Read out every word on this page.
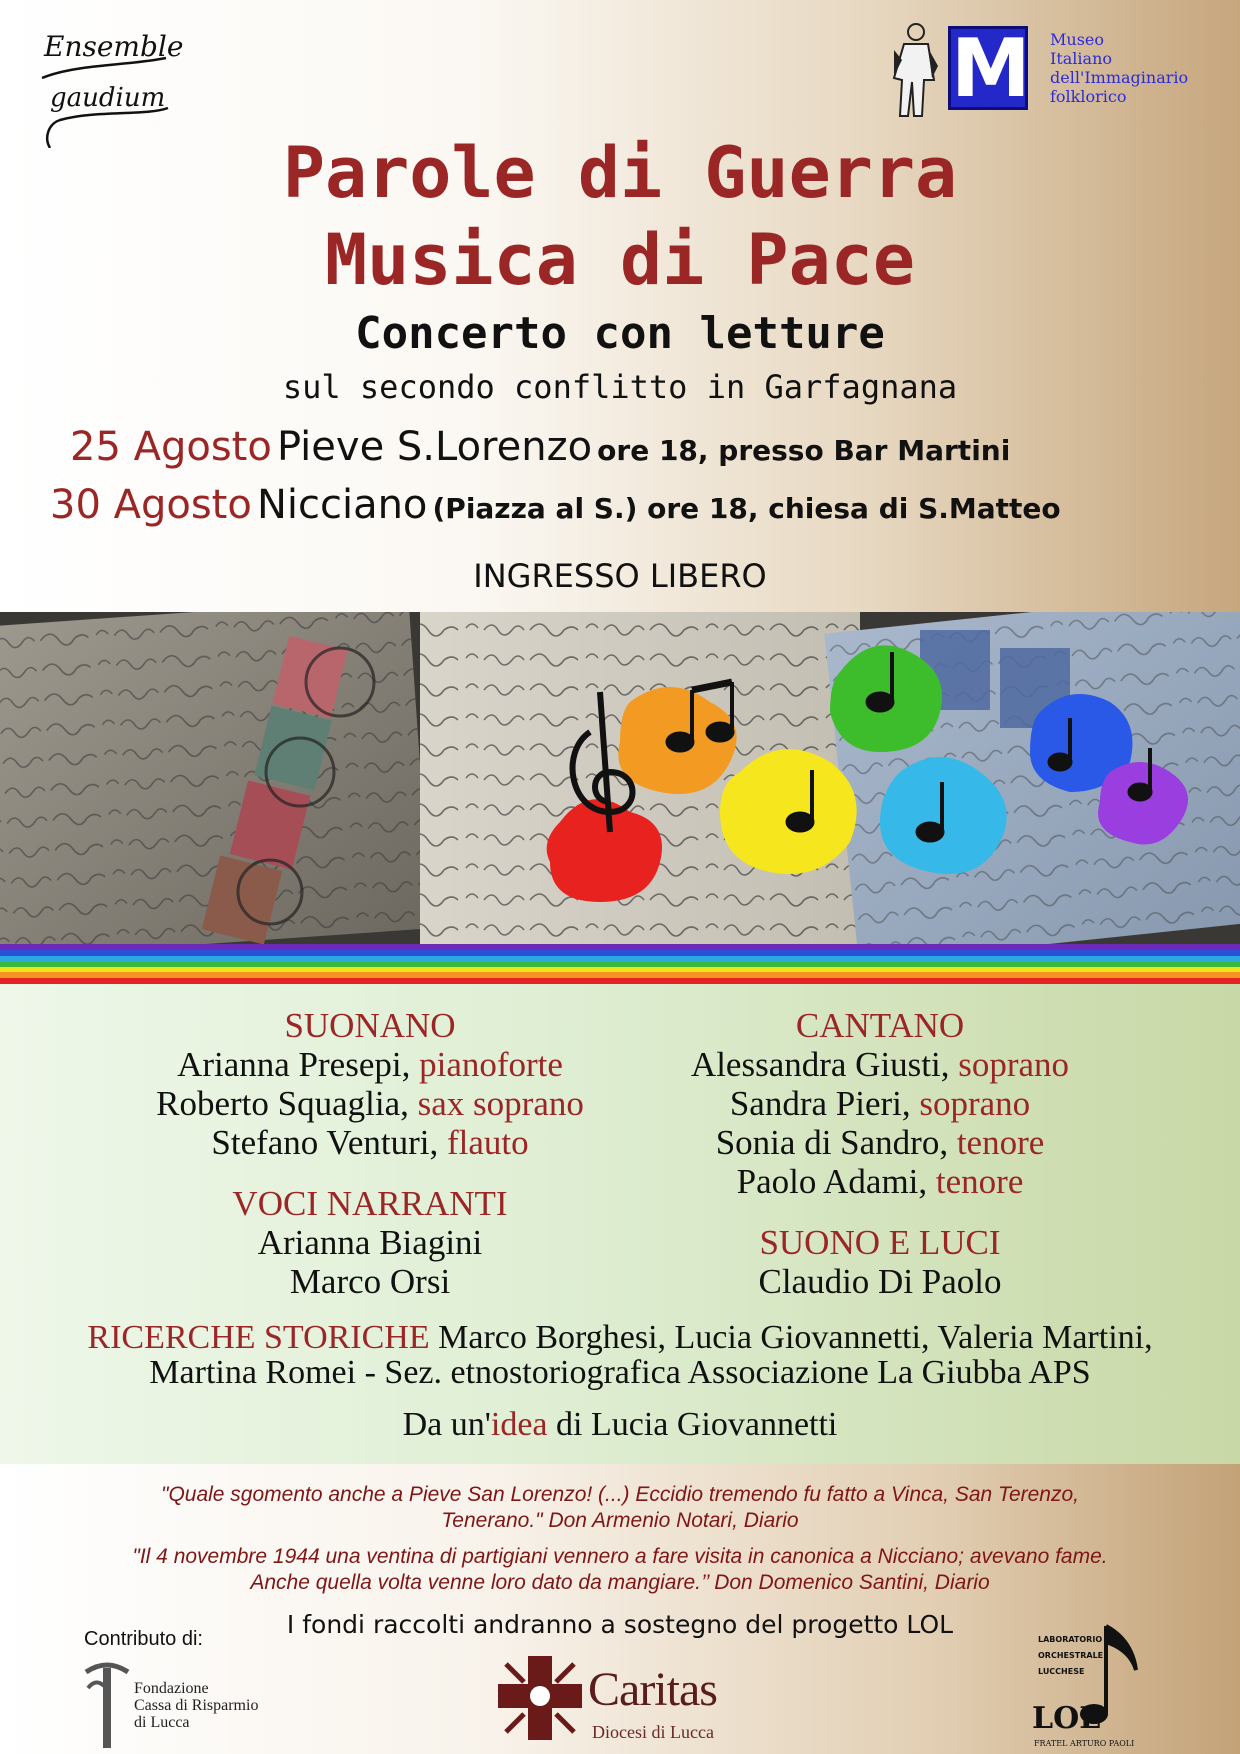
Ensemble
gaudium	M Museo
Italiano
dell'Immaginario
folklorico
Parole di Guerra
Musica di Pace
Concerto con letture
sul secondo conflitto in Garfagnana
25 Agosto Pieve S.Lorenzo ore 18, presso Bar Martini
30 Agosto Nicciano (Piazza al S.) ore 18, chiesa di S.Matteo
INGRESSO LIBERO
SUONANO
Arianna Presepi, pianoforte
Roberto Squaglia, sax soprano
Stefano Venturi, flauto
VOCI NARRANTI
Arianna Biagini
Marco Orsi
CANTANO
Alessandra Giusti, soprano
Sandra Pieri, soprano
Sonia di Sandro, tenore
Paolo Adami, tenore
SUONO E LUCI
Claudio Di Paolo
RICERCHE STORICHE Marco Borghesi, Lucia Giovannetti, Valeria Martini,
Martina Romei - Sez. etnostoriografica Associazione La Giubba APS
Da un'idea di Lucia Giovannetti
"Quale sgomento anche a Pieve San Lorenzo! (...) Eccidio tremendo fu fatto a Vinca, San Terenzo,
Tenerano." Don Armenio Notari, Diario
"Il 4 novembre 1944 una ventina di partigiani vennero a fare visita in canonica a Nicciano; avevano fame.
Anche quella volta venne loro dato da mangiare.’’ Don Domenico Santini, Diario
I fondi raccolti andranno a sostegno del progetto LOL
Contributo di:
Fondazione
Cassa di Risparmio
di Lucca
Caritas
Diocesi di Lucca
LABORATORIO
ORCHESTRALE
LUCCHESE
LOL
FRATEL ARTURO PAOLI
